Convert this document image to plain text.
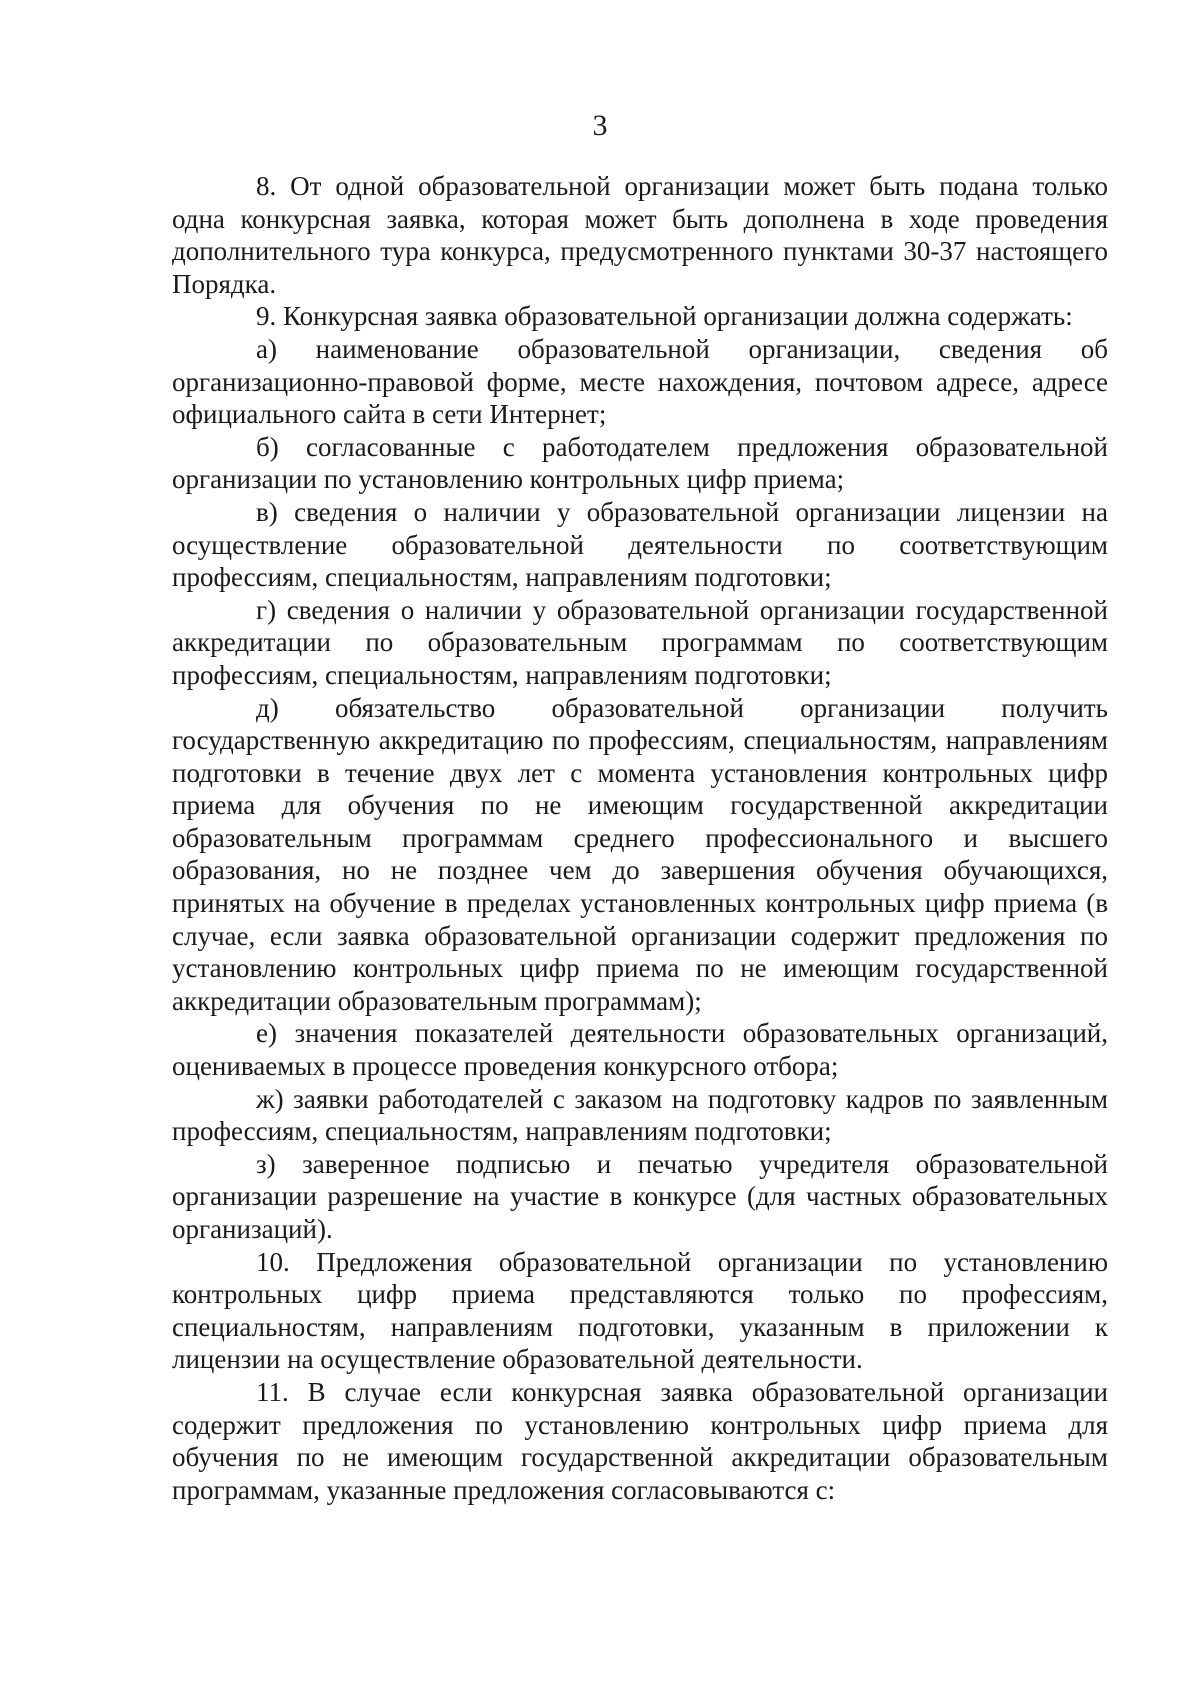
3

8. От одной образовательной организации может быть подана только одна конкурсная заявка, которая может быть дополнена в ходе проведения дополнительного тура конкурса, предусмотренного пунктами 30-37 настоящего Порядка.

9. Конкурсная заявка образовательной организации должна содержать:

а) наименование образовательной организации, сведения об организационно-правовой форме, месте нахождения, почтовом адресе, адресе официального сайта в сети Интернет;

б) согласованные с работодателем предложения образовательной организации по установлению контрольных цифр приема;

в) сведения о наличии у образовательной организации лицензии на осуществление образовательной деятельности по соответствующим профессиям, специальностям, направлениям подготовки;

г) сведения о наличии у образовательной организации государственной аккредитации по образовательным программам по соответствующим профессиям, специальностям, направлениям подготовки;

д) обязательство образовательной организации получить государственную аккредитацию по профессиям, специальностям, направлениям подготовки в течение двух лет с момента установления контрольных цифр приема для обучения по не имеющим государственной аккредитации образовательным программам среднего профессионального и высшего образования, но не позднее чем до завершения обучения обучающихся, принятых на обучение в пределах установленных контрольных цифр приема (в случае, если заявка образовательной организации содержит предложения по установлению контрольных цифр приема по не имеющим государственной аккредитации образовательным программам);

е) значения показателей деятельности образовательных организаций, оцениваемых в процессе проведения конкурсного отбора;

ж) заявки работодателей с заказом на подготовку кадров по заявленным профессиям, специальностям, направлениям подготовки;

з) заверенное подписью и печатью учредителя образовательной организации разрешение на участие в конкурсе (для частных образовательных организаций).

10. Предложения образовательной организации по установлению контрольных цифр приема представляются только по профессиям, специальностям, направлениям подготовки, указанным в приложении к лицензии на осуществление образовательной деятельности.

11. В случае если конкурсная заявка образовательной организации содержит предложения по установлению контрольных цифр приема для обучения по не имеющим государственной аккредитации образовательным программам, указанные предложения согласовываются с:
